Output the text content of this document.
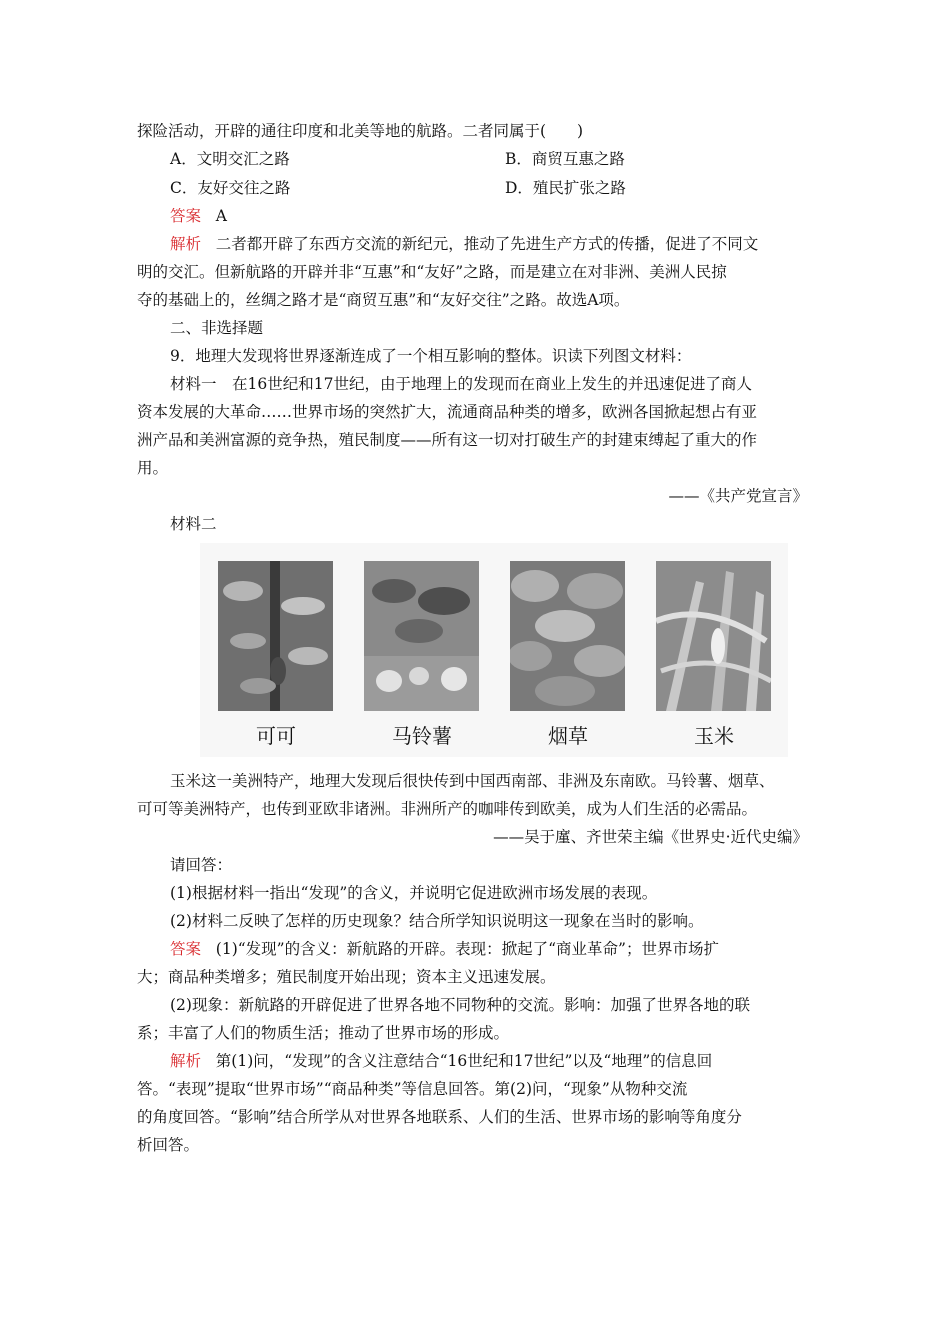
探险活动，开辟的通往印度和北美等地的航路。二者同属于(　　)
A．文明交汇之路	B．商贸互惠之路
C．友好交往之路	D．殖民扩张之路
答案 A
解析 二者都开辟了东西方交流的新纪元，推动了先进生产方式的传播，促进了不同文
明的交汇。但新航路的开辟并非“互惠”和“友好”之路，而是建立在对非洲、美洲人民掠
夺的基础上的，丝绸之路才是“商贸互惠”和“友好交往”之路。故选A项。
二、非选择题
9．地理大发现将世界逐渐连成了一个相互影响的整体。识读下列图文材料：
材料一　在16世纪和17世纪，由于地理上的发现而在商业上发生的并迅速促进了商人
资本发展的大革命……世界市场的突然扩大，流通商品种类的增多，欧洲各国掀起想占有亚
洲产品和美洲富源的竞争热，殖民制度——所有这一切对打破生产的封建束缚起了重大的作
用。
——《共产党宣言》
材料二
可可	马铃薯	烟草	玉米
玉米这一美洲特产，地理大发现后很快传到中国西南部、非洲及东南欧。马铃薯、烟草、
可可等美洲特产，也传到亚欧非诸洲。非洲所产的咖啡传到欧美，成为人们生活的必需品。
——吴于廑、齐世荣主编《世界史·近代史编》
请回答：
(1)根据材料一指出“发现”的含义，并说明它促进欧洲市场发展的表现。
(2)材料二反映了怎样的历史现象？结合所学知识说明这一现象在当时的影响。
答案 (1)“发现”的含义：新航路的开辟。表现：掀起了“商业革命”；世界市场扩
大；商品种类增多；殖民制度开始出现；资本主义迅速发展。
(2)现象：新航路的开辟促进了世界各地不同物种的交流。影响：加强了世界各地的联
系；丰富了人们的物质生活；推动了世界市场的形成。
解析 第(1)问，“发现”的含义注意结合“16世纪和17世纪”以及“地理”的信息回
答。“表现”提取“世界市场”“商品种类”等信息回答。第(2)问，“现象”从物种交流
的角度回答。“影响”结合所学从对世界各地联系、人们的生活、世界市场的影响等角度分
析回答。
